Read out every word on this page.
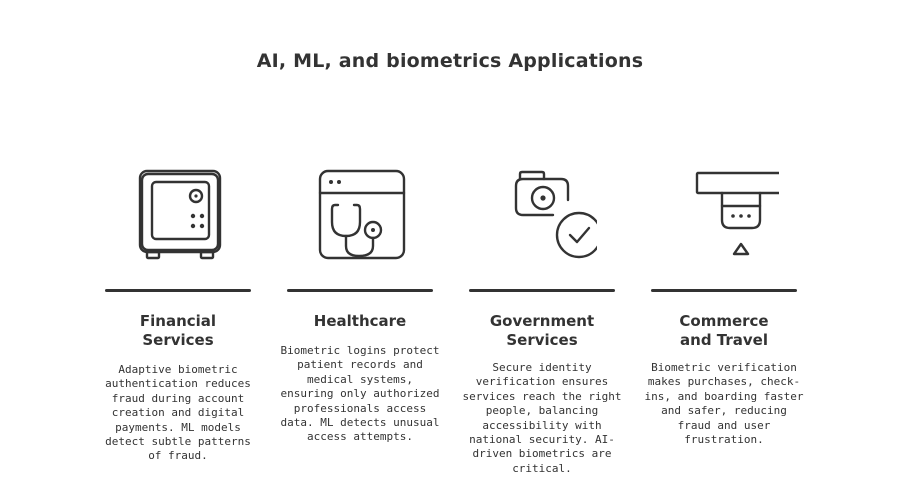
AI, ML, and biometrics Applications
Financial
Services
Adaptive biometric authentication reduces fraud during account creation and digital payments. ML models detect subtle patterns of fraud.
Healthcare
Biometric logins protect patient records and medical systems, ensuring only authorized professionals access data. ML detects unusual access attempts.
Government
Services
Secure identity verification ensures services reach the right people, balancing accessibility with national security. AI-driven biometrics are critical.
Commerce
and Travel
Biometric verification makes purchases, check-ins, and boarding faster and safer, reducing fraud and user frustration.
